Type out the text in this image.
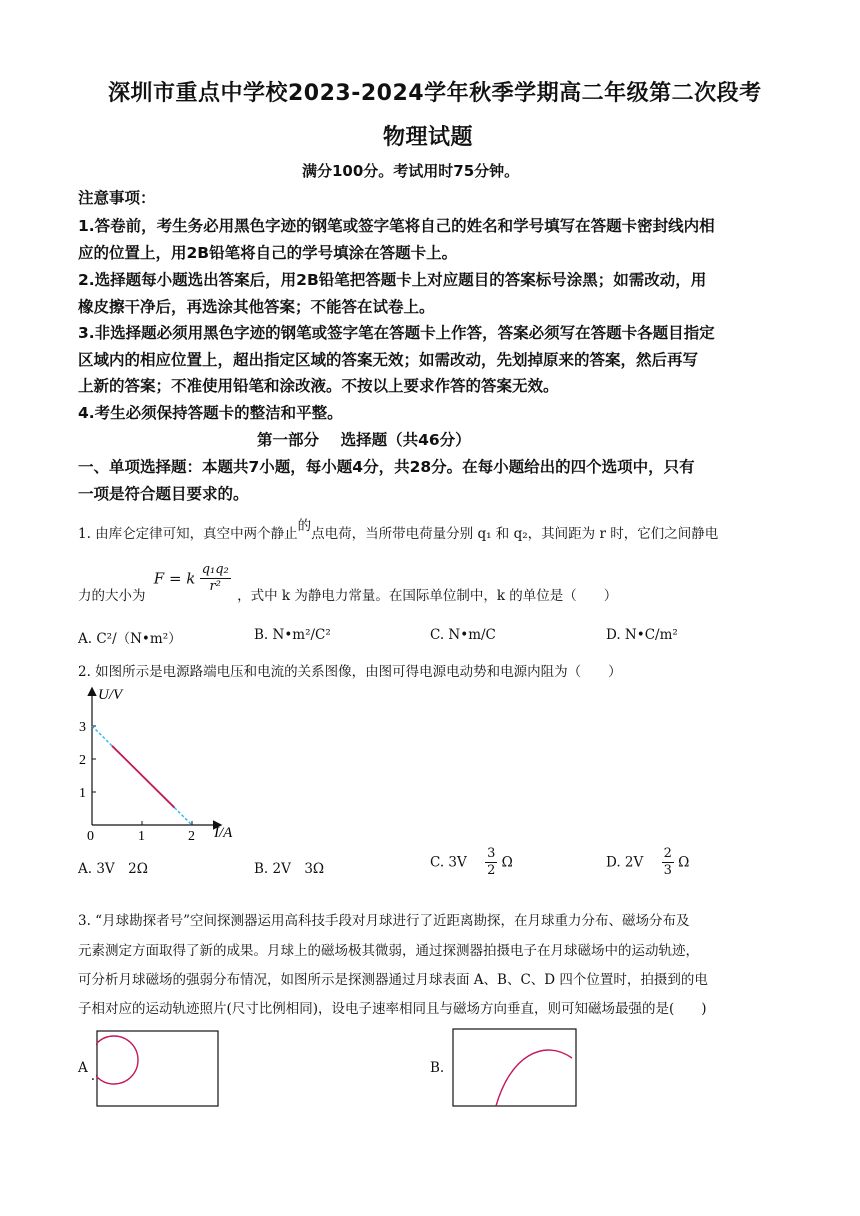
深圳市重点中学校2023-2024学年秋季学期高二年级第二次段考
物理试题
满分100分。考试用时75分钟。
注意事项：
1.答卷前，考生务必用黑色字迹的钢笔或签字笔将自己的姓名和学号填写在答题卡密封线内相
应的位置上，用2B铅笔将自己的学号填涂在答题卡上。
2.选择题每小题选出答案后，用2B铅笔把答题卡上对应题目的答案标号涂黑；如需改动，用
橡皮擦干净后，再选涂其他答案；不能答在试卷上。
3.非选择题必须用黑色字迹的钢笔或签字笔在答题卡上作答，答案必须写在答题卡各题目指定
区域内的相应位置上，超出指定区域的答案无效；如需改动，先划掉原来的答案，然后再写
上新的答案；不准使用铅笔和涂改液。不按以上要求作答的答案无效。
4.考生必须保持答题卡的整洁和平整。
第一部分    选择题（共46分）
一、单项选择题：本题共7小题，每小题4分，共28分。在每小题给出的四个选项中，只有
一项是符合题目要求的。
1. 由库仑定律可知，真空中两个静止的点电荷，当所带电荷量分别 q₁ 和 q₂，其间距为 r 时，它们之间静电
力的大小为 F = k $\frac{\text{q₁q₂}}{\text{r²}}$
，式中 k 为静电力常量。在国际单位制中，k 的单位是（　　）
A. C²/（N•m²）	B. N•m²/C²	C. N•m/C	D. N•C/m²
2. 如图所示是电源路端电压和电流的关系图像，由图可得电源电动势和电源内阻为（　　）
U/V
I/A
0	1	2
1
2
3
A. 3V　2Ω	B. 2V　3Ω	C. $3V \frac{3}{2}$ Ω	D. $2V \frac{2}{3}$ Ω
3. “月球勘探者号”空间探测器运用高科技手段对月球进行了近距离勘探，在月球重力分布、磁场分布及
元素测定方面取得了新的成果。月球上的磁场极其微弱，通过探测器拍摄电子在月球磁场中的运动轨迹，
可分析月球磁场的强弱分布情况，如图所示是探测器通过月球表面 A、B、C、D 四个位置时，拍摄到的电
子相对应的运动轨迹照片(尺寸比例相同)，设电子速率相同且与磁场方向垂直，则可知磁场最强的是(　　)
A .	B.
